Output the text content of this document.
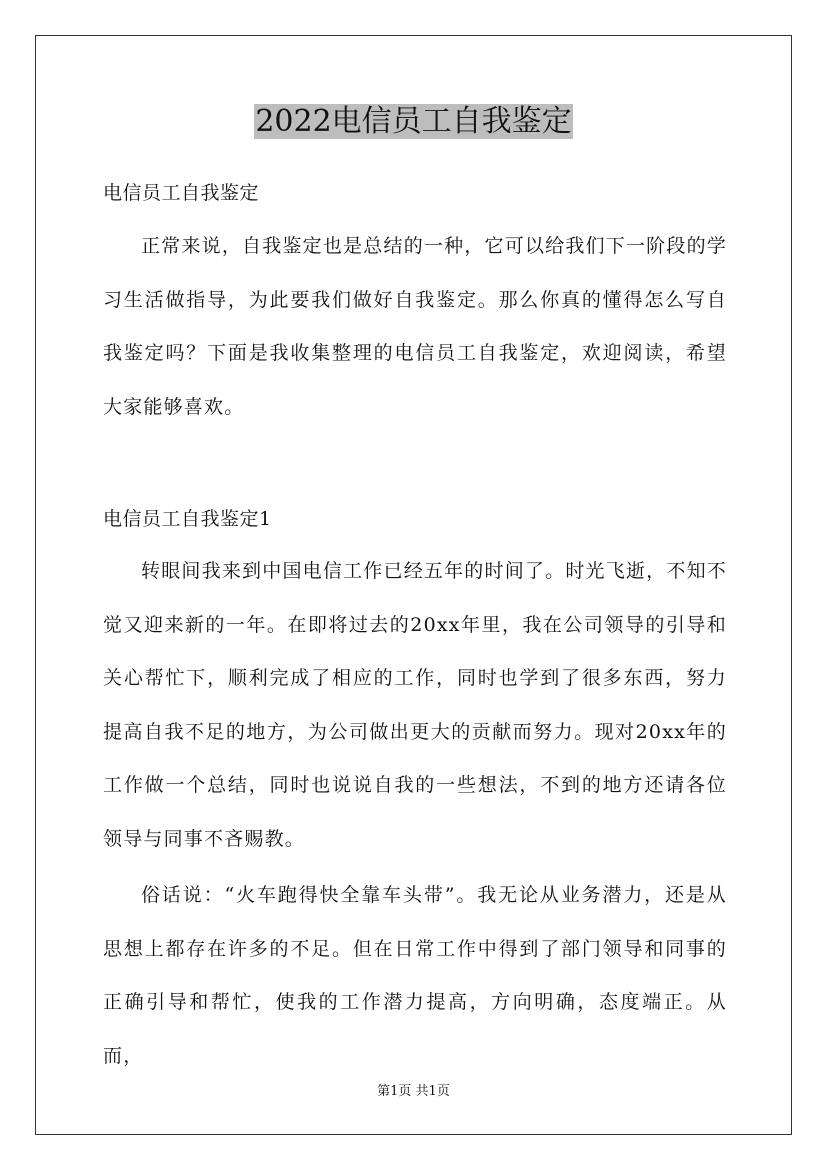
2022电信员工自我鉴定
电信员工自我鉴定

正常来说，自我鉴定也是总结的一种，它可以给我们下一阶段的学习生活做指导，为此要我们做好自我鉴定。那么你真的懂得怎么写自我鉴定吗？下面是我收集整理的电信员工自我鉴定，欢迎阅读，希望大家能够喜欢。

电信员工自我鉴定1

转眼间我来到中国电信工作已经五年的时间了。时光飞逝，不知不觉又迎来新的一年。在即将过去的20xx年里，我在公司领导的引导和关心帮忙下，顺利完成了相应的工作，同时也学到了很多东西，努力提高自我不足的地方，为公司做出更大的贡献而努力。现对20xx年的工作做一个总结，同时也说说自我的一些想法，不到的地方还请各位领导与同事不吝赐教。

俗话说：“火车跑得快全靠车头带”。我无论从业务潜力，还是从思想上都存在许多的不足。但在日常工作中得到了部门领导和同事的正确引导和帮忙，使我的工作潜力提高，方向明确，态度端正。从而，

第1页 共1页
